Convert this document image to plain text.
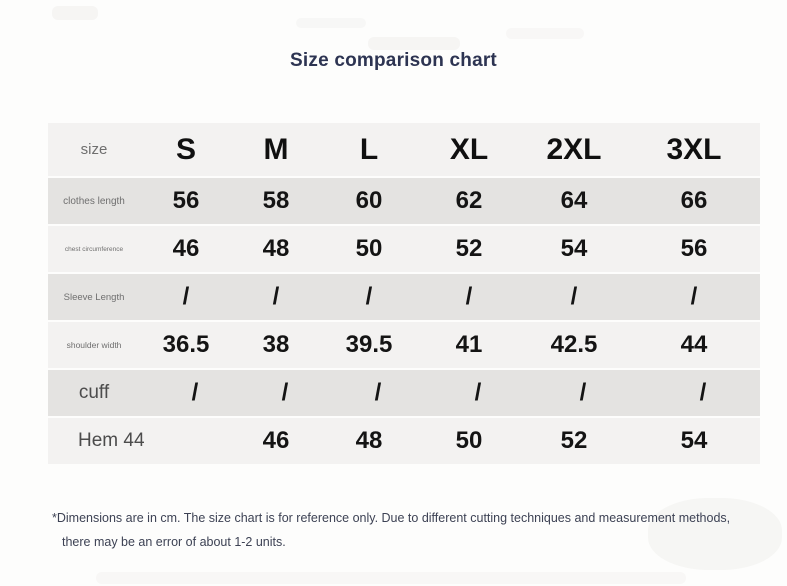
Size comparison chart
size	S	M	L	XL	2XL	3XL
clothes length	56	58	60	62	64	66
chest circumference	46	48	50	52	54	56
Sleeve Length	/	/	/	/	/	/
shoulder width	36.5	38	39.5	41	42.5	44
cuff	/	/	/	/	/	/
Hem 44		46	48	50	52	54
*Dimensions are in cm. The size chart is for reference only. Due to different cutting techniques and measurement methods,
there may be an error of about 1-2 units.
